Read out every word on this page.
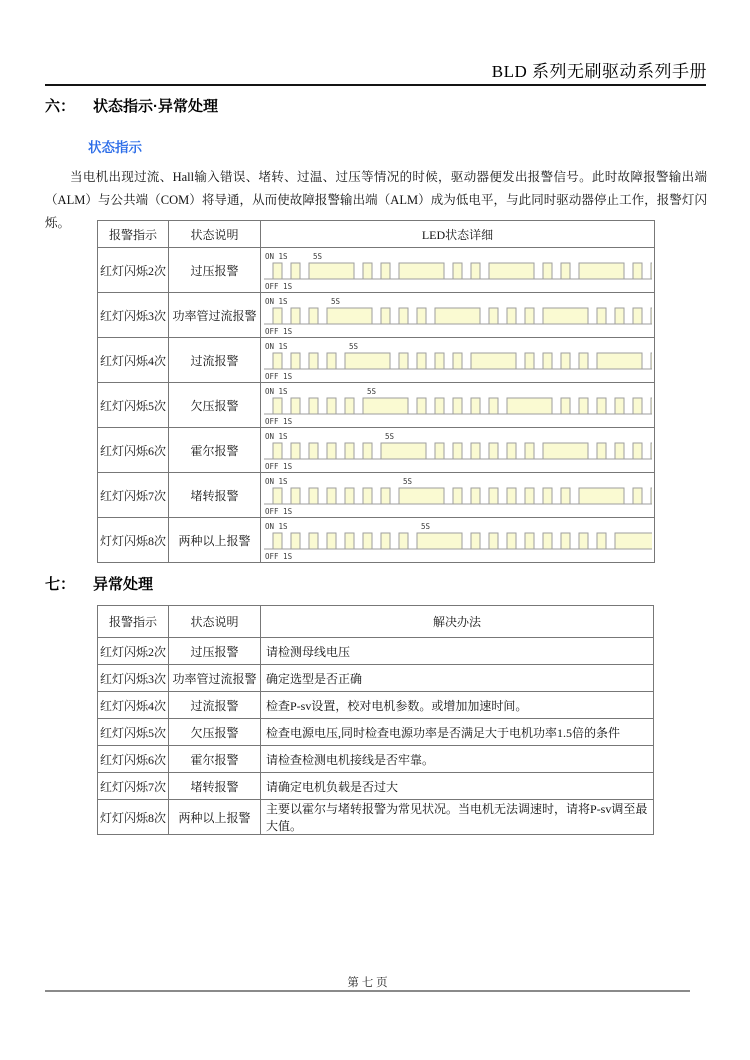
BLD 系列无刷驱动系列手册
六： 状态指示·异常处理
状态指示
当电机出现过流、Hall输入错误、堵转、过温、过压等情况的时候，驱动器便发出报警信号。此时故障报警输出端（ALM）与公共端（COM）将导通，从而使故障报警输出端（ALM）成为低电平，与此同时驱动器停止工作，报警灯闪烁。
报警指示	状态说明	LED状态详细
红灯闪烁2次	过压报警	ON 1S 5S
OFF 1S

红灯闪烁3次	功率管过流报警	ON 1S 5S
OFF 1S

红灯闪烁4次	过流报警	ON 1S 5S
OFF 1S

红灯闪烁5次	欠压报警	ON 1S 5S
OFF 1S

红灯闪烁6次	霍尔报警	ON 1S 5S
OFF 1S

红灯闪烁7次	堵转报警	ON 1S 5S
OFF 1S

灯灯闪烁8次	两种以上报警	ON 1S 5S
OFF 1S
七： 异常处理
报警指示	状态说明	解决办法
红灯闪烁2次	过压报警	请检测母线电压
红灯闪烁3次	功率管过流报警	确定选型是否正确
红灯闪烁4次	过流报警	检查P-sv设置，校对电机参数。或增加加速时间。
红灯闪烁5次	欠压报警	检查电源电压,同时检查电源功率是否满足大于电机功率1.5倍的条件
红灯闪烁6次	霍尔报警	请检查检测电机接线是否牢靠。
红灯闪烁7次	堵转报警	请确定电机负载是否过大
灯灯闪烁8次	两种以上报警	主要以霍尔与堵转报警为常见状况。当电机无法调速时，请将P-sv调至最大值。
第 七 页
